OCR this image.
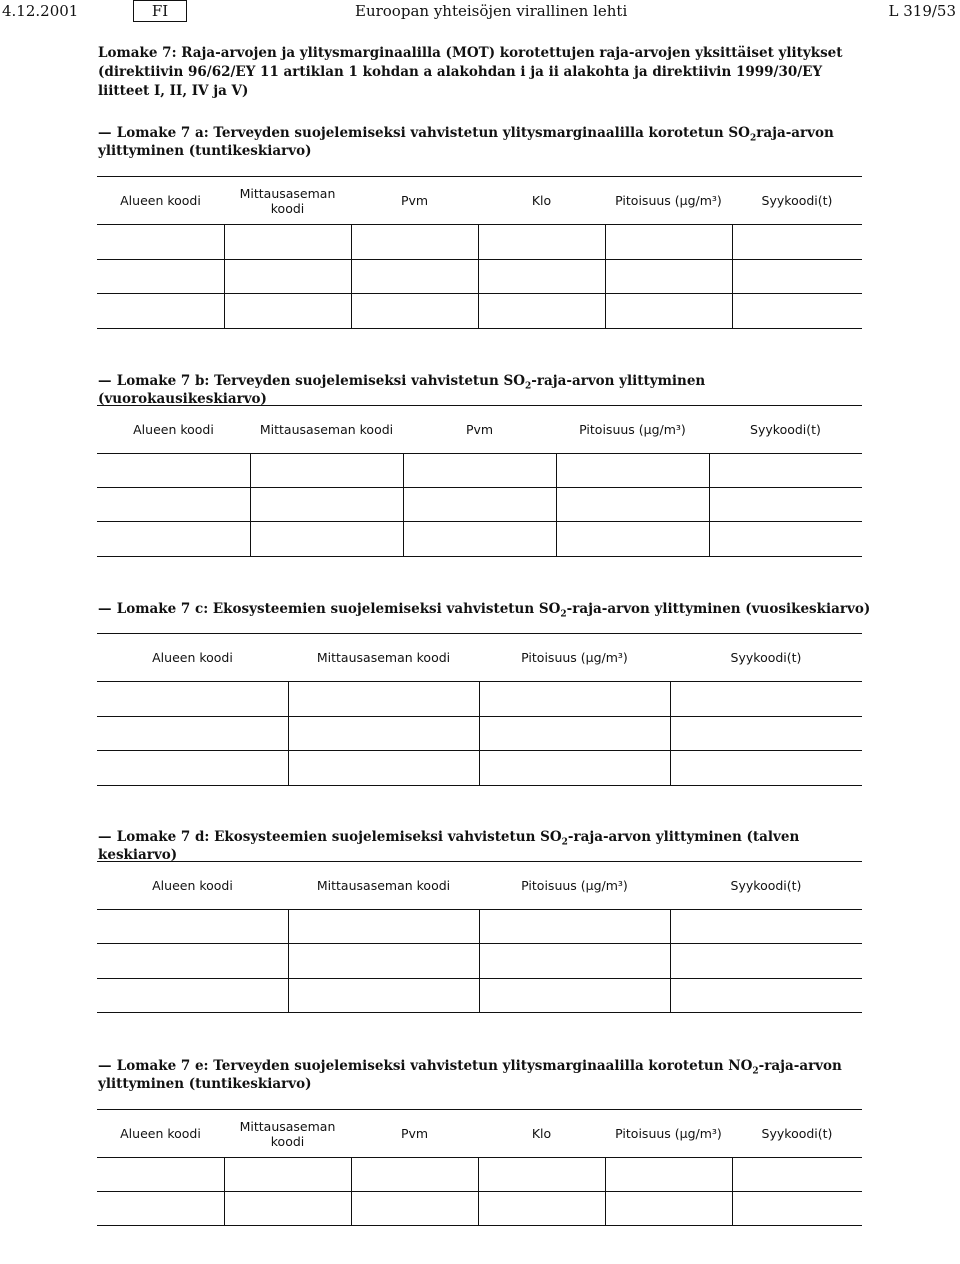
4.12.2001	FI	Euroopan yhteisöjen virallinen lehti	L 319/53
Lomake 7: Raja-arvojen ja ylitysmarginaalilla (MOT) korotettujen raja-arvojen yksittäiset ylitykset (direktiivin 96/62/EY 11 artiklan 1 kohdan a alakohdan i ja ii alakohta ja direktiivin 1999/30/EY liitteet I, II, IV ja V)
— Lomake 7 a: Terveyden suojelemiseksi vahvistetun ylitysmarginaalilla korotetun $SO_2raja$-arvon ylittyminen (tuntikeskiarvo)
Alueen koodi	Mittausaseman koodi	Pvm	Klo	Pitoisuus (µg/m³)	Syykoodi(t)

— Lomake 7 b: Terveyden suojelemiseksi vahvistetun $SO_2-raja$-arvon ylittyminen (vuorokausikeskiarvo)
Alueen koodi	Mittausaseman koodi	Pvm	Pitoisuus (µg/m³)	Syykoodi(t)

— Lomake 7 c: Ekosysteemien suojelemiseksi vahvistetun $SO_2-raja$-arvon ylittyminen (vuosikeskiarvo)
Alueen koodi	Mittausaseman koodi	Pitoisuus (µg/m³)	Syykoodi(t)

— Lomake 7 d: Ekosysteemien suojelemiseksi vahvistetun $SO_2-raja$-arvon ylittyminen (talven keskiarvo)
Alueen koodi	Mittausaseman koodi	Pitoisuus (µg/m³)	Syykoodi(t)

— Lomake 7 e: Terveyden suojelemiseksi vahvistetun ylitysmarginaalilla korotetun $NO_2-raja$-arvon ylittyminen (tuntikeskiarvo)
Alueen koodi	Mittausaseman koodi	Pvm	Klo	Pitoisuus (µg/m³)	Syykoodi(t)
